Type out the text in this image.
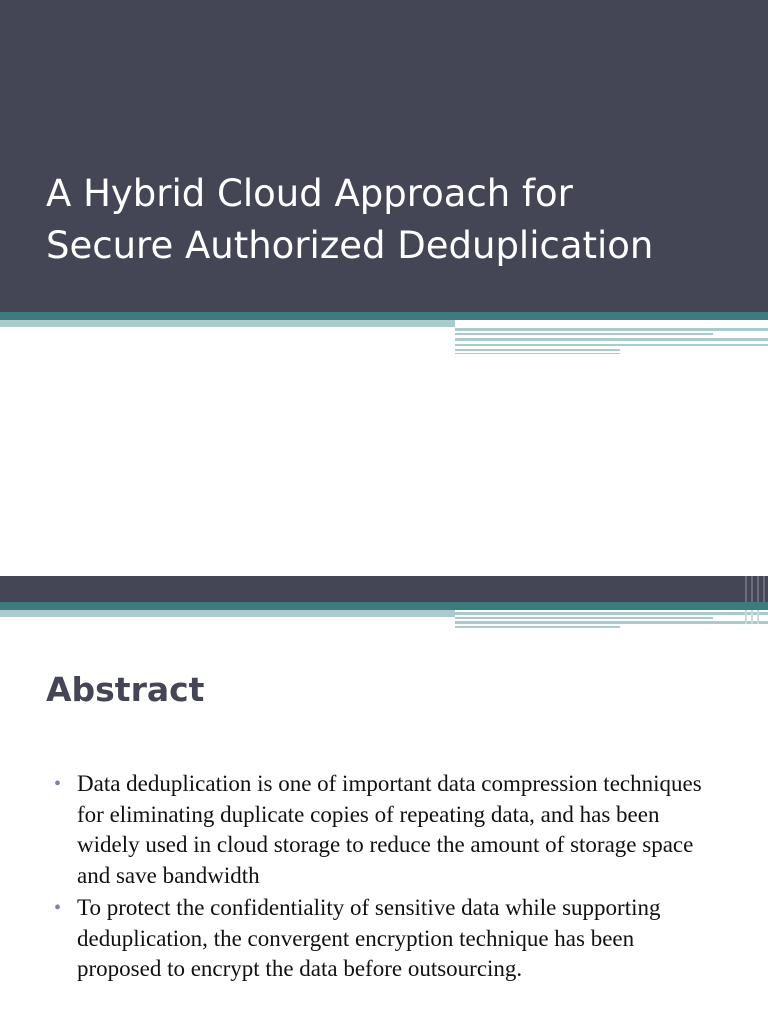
A Hybrid Cloud Approach for
Secure Authorized Deduplication
Abstract
• Data deduplication is one of important data compression techniques for eliminating duplicate copies of repeating data, and has been widely used in cloud storage to reduce the amount of storage space and save bandwidth
• To protect the confidentiality of sensitive data while supporting deduplication, the convergent encryption technique has been proposed to encrypt the data before outsourcing.
